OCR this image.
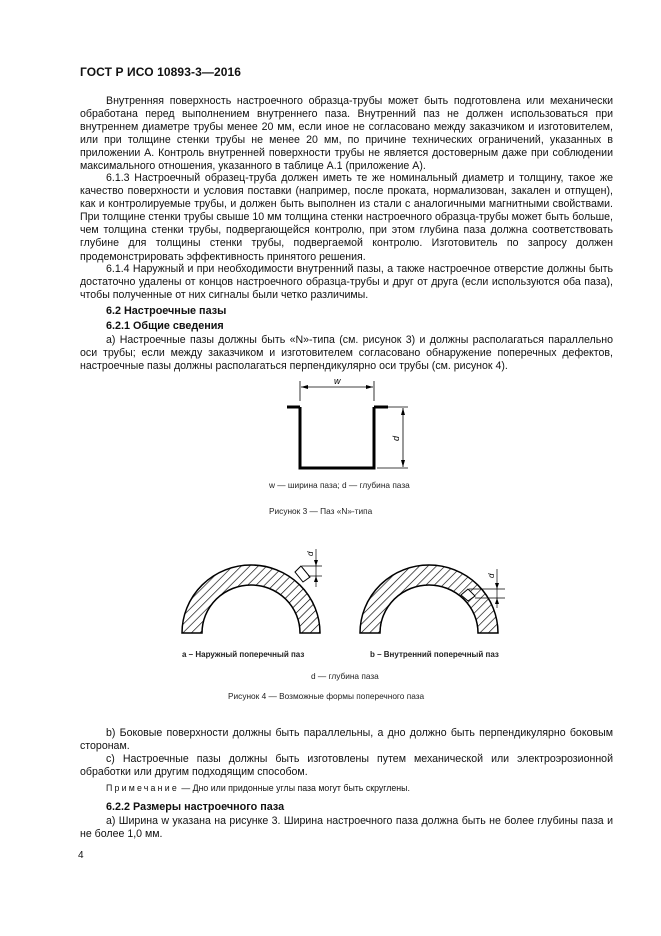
ГОСТ Р ИСО 10893-3—2016
Внутренняя поверхность настроечного образца-трубы может быть подготовлена или механически обработана перед выполнением внутреннего паза. Внутренний паз не должен использоваться при внутреннем диаметре трубы менее 20 мм, если иное не согласовано между заказчиком и изготовителем, или при толщине стенки трубы не менее 20 мм, по причине технических ограничений, указанных в приложении А. Контроль внутренней поверхности трубы не является достоверным даже при соблюдении максимального отношения, указанного в таблице А.1 (приложение А).
6.1.3 Настроечный образец-труба должен иметь те же номинальный диаметр и толщину, такое же качество поверхности и условия поставки (например, после проката, нормализован, закален и отпущен), как и контролируемые трубы, и должен быть выполнен из стали с аналогичными магнитными свойствами. При толщине стенки трубы свыше 10 мм толщина стенки настроечного образца-трубы может быть больше, чем толщина стенки трубы, подвергающейся контролю, при этом глубина паза должна соответствовать глубине для толщины стенки трубы, подвергаемой контролю. Изготовитель по запросу должен продемонстрировать эффективность принятого решения.
6.1.4 Наружный и при необходимости внутренний пазы, а также настроечное отверстие должны быть достаточно удалены от концов настроечного образца-трубы и друг от друга (если используются оба паза), чтобы полученные от них сигналы были четко различимы.
6.2 Настроечные пазы
6.2.1 Общие сведения
а) Настроечные пазы должны быть «N»-типа (см. рисунок 3) и должны располагаться параллельно оси трубы; если между заказчиком и изготовителем согласовано обнаружение поперечных дефектов, настроечные пазы должны располагаться перпендикулярно оси трубы (см. рисунок 4).
w
d
w — ширина паза; d — глубина паза
Рисунок 3 — Паз «N»-типа
d
d
а – Наружный поперечный паз	b – Внутренний поперечный паз
d — глубина паза
Рисунок 4 — Возможные формы поперечного паза
b) Боковые поверхности должны быть параллельны, а дно должно быть перпендикулярно боковым сторонам.
с) Настроечные пазы должны быть изготовлены путем механической или электроэрозионной обработки или другим подходящим способом.
Примечание — Дно или придонные углы паза могут быть скруглены.
6.2.2 Размеры настроечного паза
а) Ширина w указана на рисунке 3. Ширина настроечного паза должна быть не более глубины паза и не более 1,0 мм.
4
